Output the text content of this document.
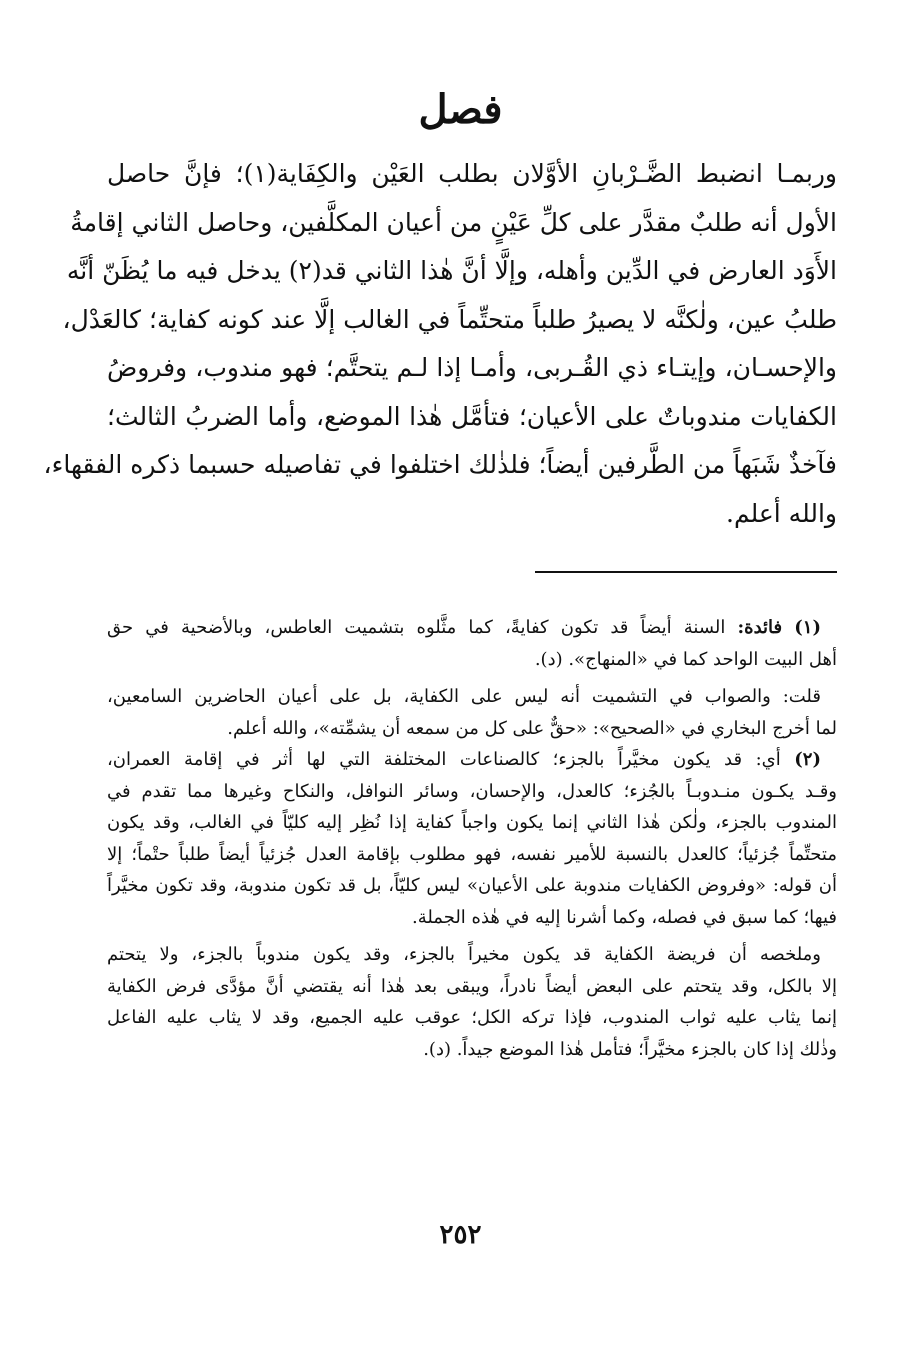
فصل
وربمـا انضبط الضَّـرْبانِ الأوَّلان بطلب العَيْن والكِفَاية(١)؛ فإنَّ حاصل
الأول أنه طلبٌ مقدَّر على كلِّ عَيْنٍ من أعيان المكلَّفين، وحاصل الثاني إقامةُ
الأَوَد العارض في الدِّين وأهله، وإلَّا أنَّ هٰذا الثاني قد(٢) يدخل فيه ما يُظَنّ أنَّه
طلبُ عين، ولٰكنَّه لا يصيرُ طلباً متحتِّماً في الغالب إلَّا عند كونه كفاية؛ كالعَدْل،
والإحسـان، وإيتـاء ذي القُـربى، وأمـا إذا لـم يتحتَّم؛ فهو مندوب، وفروضُ
الكفايات مندوباتٌ على الأعيان؛ فتأمَّل هٰذا الموضع، وأما الضربُ الثالث؛
فآخذٌ شَبَهاً من الطَّرفين أيضاً؛ فلذٰلك اختلفوا في تفاصيله حسبما ذكره الفقهاء،
والله أعلم.
(١) فائدة: السنة أيضاً قد تكون كفايةً، كما مثَّلوه بتشميت العاطس، وبالأضحية في حق
أهل البيت الواحد كما في «المنهاج». (د).
قلت: والصواب في التشميت أنه ليس على الكفاية، بل على أعيان الحاضرين السامعين،
لما أخرج البخاري في «الصحيح»: «حقٌّ على كل من سمعه أن يشمِّته»، والله أعلم.
(٢) أي: قد يكون مخيَّراً بالجزء؛ كالصناعات المختلفة التي لها أثر في إقامة العمران،
وقـد يكـون منـدوبـاً بالجُزء؛ كالعدل، والإحسان، وسائر النوافل، والنكاح وغيرها مما تقدم في
المندوب بالجزء، ولٰكن هٰذا الثاني إنما يكون واجباً كفاية إذا نُظِر إليه كليّاً في الغالب، وقد يكون
متحتِّماً جُزئياً؛ كالعدل بالنسبة للأمير نفسه، فهو مطلوب بإقامة العدل جُزئياً أيضاً طلباً حتْماً؛ إلا
أن قوله: «وفروض الكفايات مندوبة على الأعيان» ليس كليّاً، بل قد تكون مندوبة، وقد تكون مخيَّراً
فيها؛ كما سبق في فصله، وكما أشرنا إليه في هٰذه الجملة.
وملخصه أن فريضة الكفاية قد يكون مخيراً بالجزء، وقد يكون مندوباً بالجزء، ولا يتحتم
إلا بالكل، وقد يتحتم على البعض أيضاً نادراً، ويبقى بعد هٰذا أنه يقتضي أنَّ مؤدَّى فرض الكفاية
إنما يثاب عليه ثواب المندوب، فإذا تركه الكل؛ عوقب عليه الجميع، وقد لا يثاب عليه الفاعل
وذٰلك إذا كان بالجزء مخيَّراً؛ فتأمل هٰذا الموضع جيداً. (د).
٢٥٢
